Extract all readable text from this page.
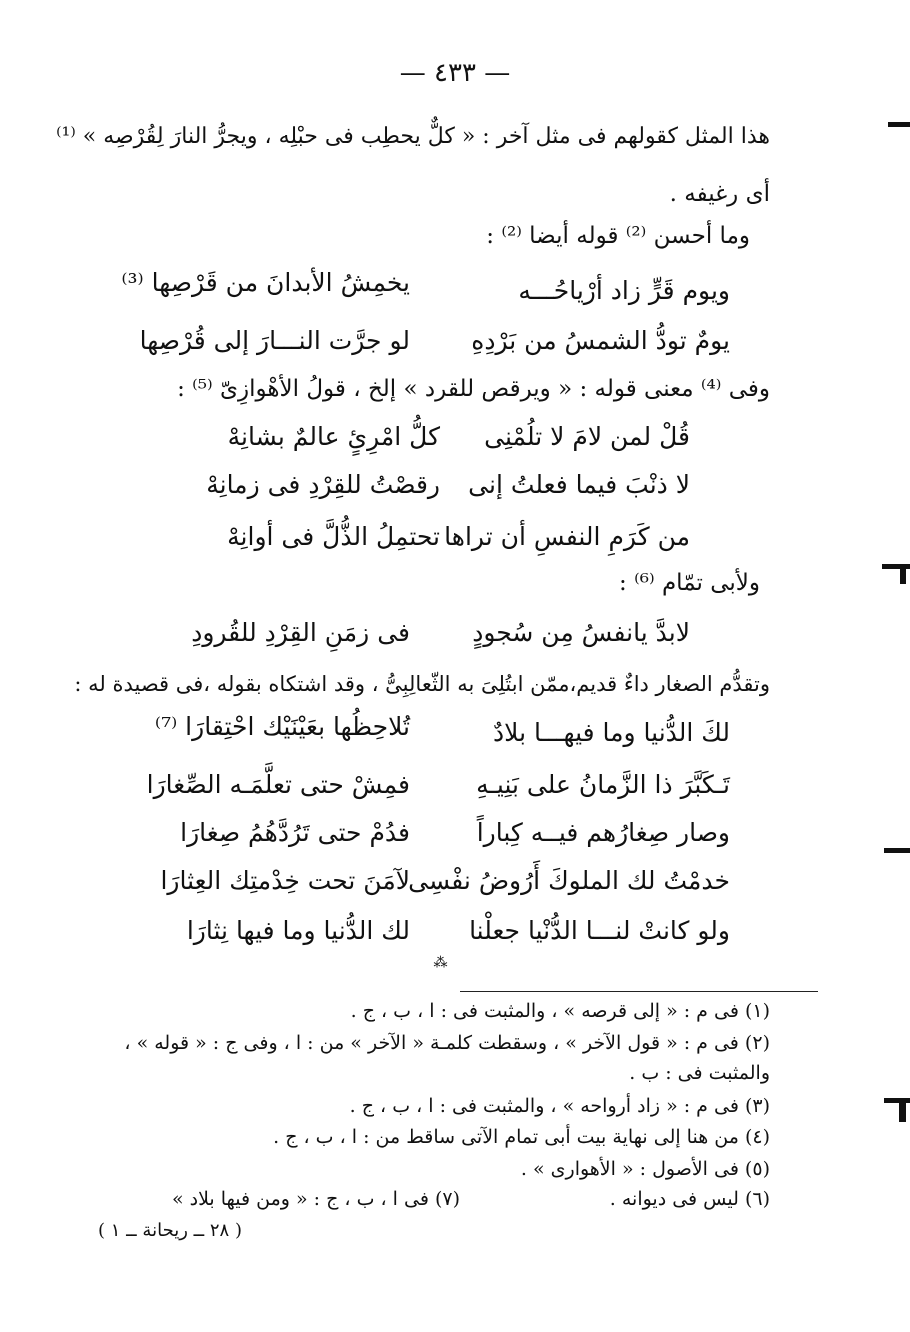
— ٤٣٣ —
هذا المثل كقولهم فى مثل آخر : « كلٌّ يحطِب فى حبْلِه ، ويجرُّ النارَ لِقُرْصِه » ⁽¹⁾
أى رغيفه .
وما أحسن ⁽²⁾ قوله أيضا ⁽²⁾ :
ويوم قَرٍّ زاد أرْياحُـــه
يخمِشُ الأبدانَ من قَرْصِها ⁽³⁾
يومٌ تودُّ الشمسُ من بَرْدِهِ
لو جرَّت النـــارَ إلى قُرْصِها
وفى ⁽⁴⁾ معنى قوله : « ويرقص للقرد » إلخ ، قولُ الأهْوازِىّ ⁽⁵⁾ :
قُلْ لمن لامَ لا تلُمْنِى
كلُّ امْرِئٍ عالمٌ بشانِهْ
لا ذنْبَ فيما فعلتُ إنى
رقصْتُ للقِرْدِ فى زمانِهْ
من كَرَمِ النفسِ أن تراها
تحتمِلُ الذُّلَّ فى أوانِهْ
ولأبى تمّام ⁽⁶⁾ :
لابدَّ يانفسُ مِن سُجودٍ
فى زمَنِ القِرْدِ للقُرودِ
وتقدُّم الصغار داءٌ قديم،ممّن ابتُلِىَ به الثّعالِبِىُّ ، وقد اشتكاه بقوله ،فى قصيدة له :
لكَ الدُّنيا وما فيهـــا بلادٌ
تُلاحِظُها بعَيْنَيْك احْتِقارَا ⁽⁷⁾
تَـكَبَّرَ ذا الزَّمانُ على بَنِيـهِ
فمِشْ حتى تعلَّمَـه الصِّغارَا
وصار صِغارُهم فيــه كِباراً
فدُمْ حتى تَرُدَّهُمُ صِغارَا
خدمْتُ لك الملوكَ أَرُوضُ نفْسِى
لآمَنَ تحت خِدْمتِك العِثارَا
ولو كانتْ لنـــا الدُّنْيا جعلْنا
لك الدُّنيا وما فيها نِثارَا
⁂
(١) فى م : « إلى قرصه » ، والمثبت فى : ا ، ب ، ج .
(٢) فى م : « قول الآخر » ، وسقطت كلمـة « الآخر » من : ا ، وفى ج : « قوله » ،
والمثبت فى : ب .
(٣) فى م : « زاد أرواحه » ، والمثبت فى : ا ، ب ، ج .
(٤) من هنا إلى نهاية بيت أبى تمام الآتى ساقط من : ا ، ب ، ج .
(٥) فى الأصول : « الأهوارى » .
(٦) ليس فى ديوانه .
(٧) فى ا ، ب ، ج : « ومن فيها بلاد »
( ٢٨ ــ ريحانة ــ ١ )
